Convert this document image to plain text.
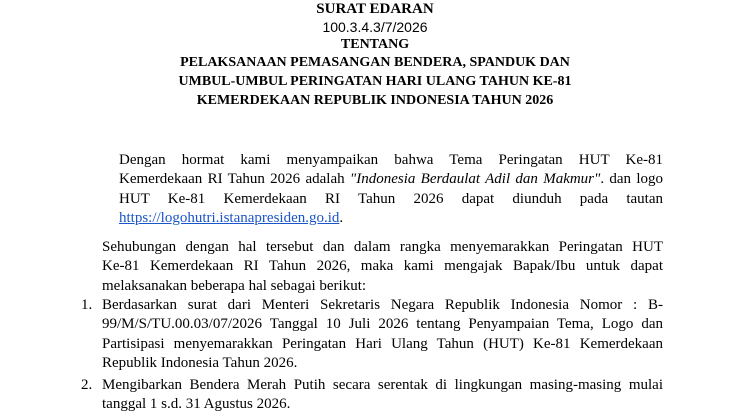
SURAT EDARAN
100.3.4.3/7/2026
TENTANG
PELAKSANAAN PEMASANGAN BENDERA, SPANDUK DAN
UMBUL-UMBUL PERINGATAN HARI ULANG TAHUN KE-81
KEMERDEKAAN REPUBLIK INDONESIA TAHUN 2026
Dengan hormat kami menyampaikan bahwa Tema Peringatan HUT Ke-81
Kemerdekaan RI Tahun 2026 adalah "Indonesia Berdaulat Adil dan Makmur". dan logo
HUT Ke-81 Kemerdekaan RI Tahun 2026 dapat diunduh pada tautan
https://logohutri.istanapresiden.go.id.
Sehubungan dengan hal tersebut dan dalam rangka menyemarakkan Peringatan HUT
Ke-81 Kemerdekaan RI Tahun 2026, maka kami mengajak Bapak/Ibu untuk dapat
melaksanakan beberapa hal sebagai berikut:
1. Berdasarkan surat dari Menteri Sekretaris Negara Republik Indonesia Nomor : B-
99/M/S/TU.00.03/07/2026 Tanggal 10 Juli 2026 tentang Penyampaian Tema, Logo dan
Partisipasi menyemarakkan Peringatan Hari Ulang Tahun (HUT) Ke-81 Kemerdekaan
Republik Indonesia Tahun 2026.
2. Mengibarkan Bendera Merah Putih secara serentak di lingkungan masing-masing mulai
tanggal 1 s.d. 31 Agustus 2026.
